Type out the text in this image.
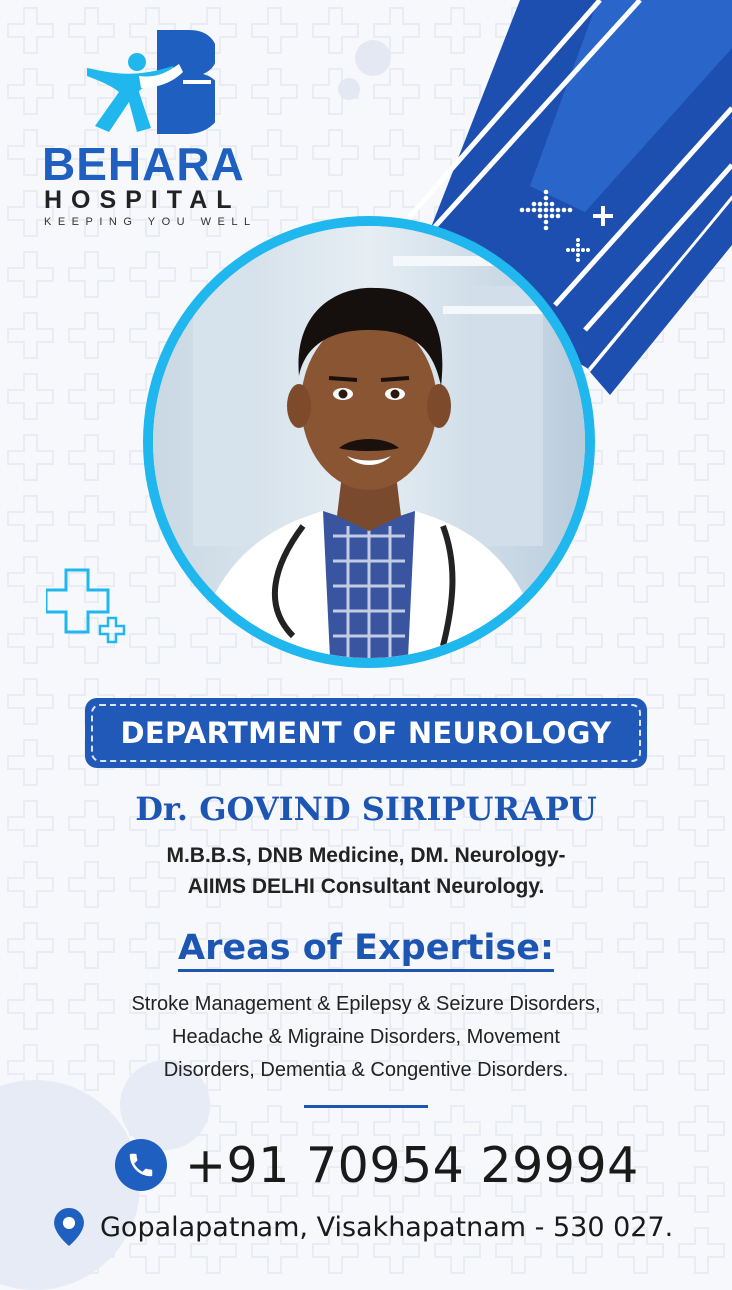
BEHARA
HOSPITAL
KEEPING YOU WELL
DEPARTMENT OF NEUROLOGY
Dr. GOVIND SIRIPURAPU
M.B.B.S, DNB Medicine, DM. Neurology-
AIIMS DELHI Consultant Neurology.
Areas of Expertise:
Stroke Management & Epilepsy & Seizure Disorders,
Headache & Migraine Disorders, Movement
Disorders, Dementia & Congentive Disorders.
+91 70954 29994
Gopalapatnam, Visakhapatnam - 530 027.
